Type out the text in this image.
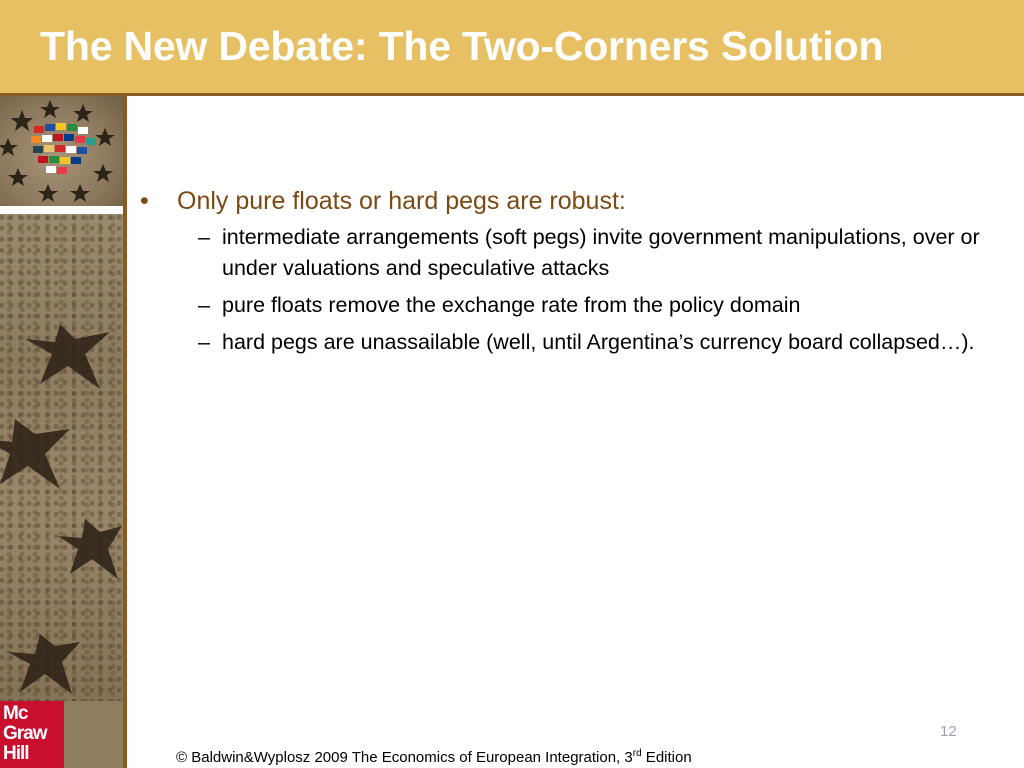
The New Debate: The Two-Corners Solution
Mc
Graw
Hill

• Only pure floats or hard pegs are robust:

– intermediate arrangements (soft pegs) invite government manipulations, over or under valuations and speculative attacks

– pure floats remove the exchange rate from the policy domain

– hard pegs are unassailable (well, until Argentina’s currency board collapsed…).

12
© Baldwin&Wyplosz 2009 The Economics of European Integration, 3rd Edition
